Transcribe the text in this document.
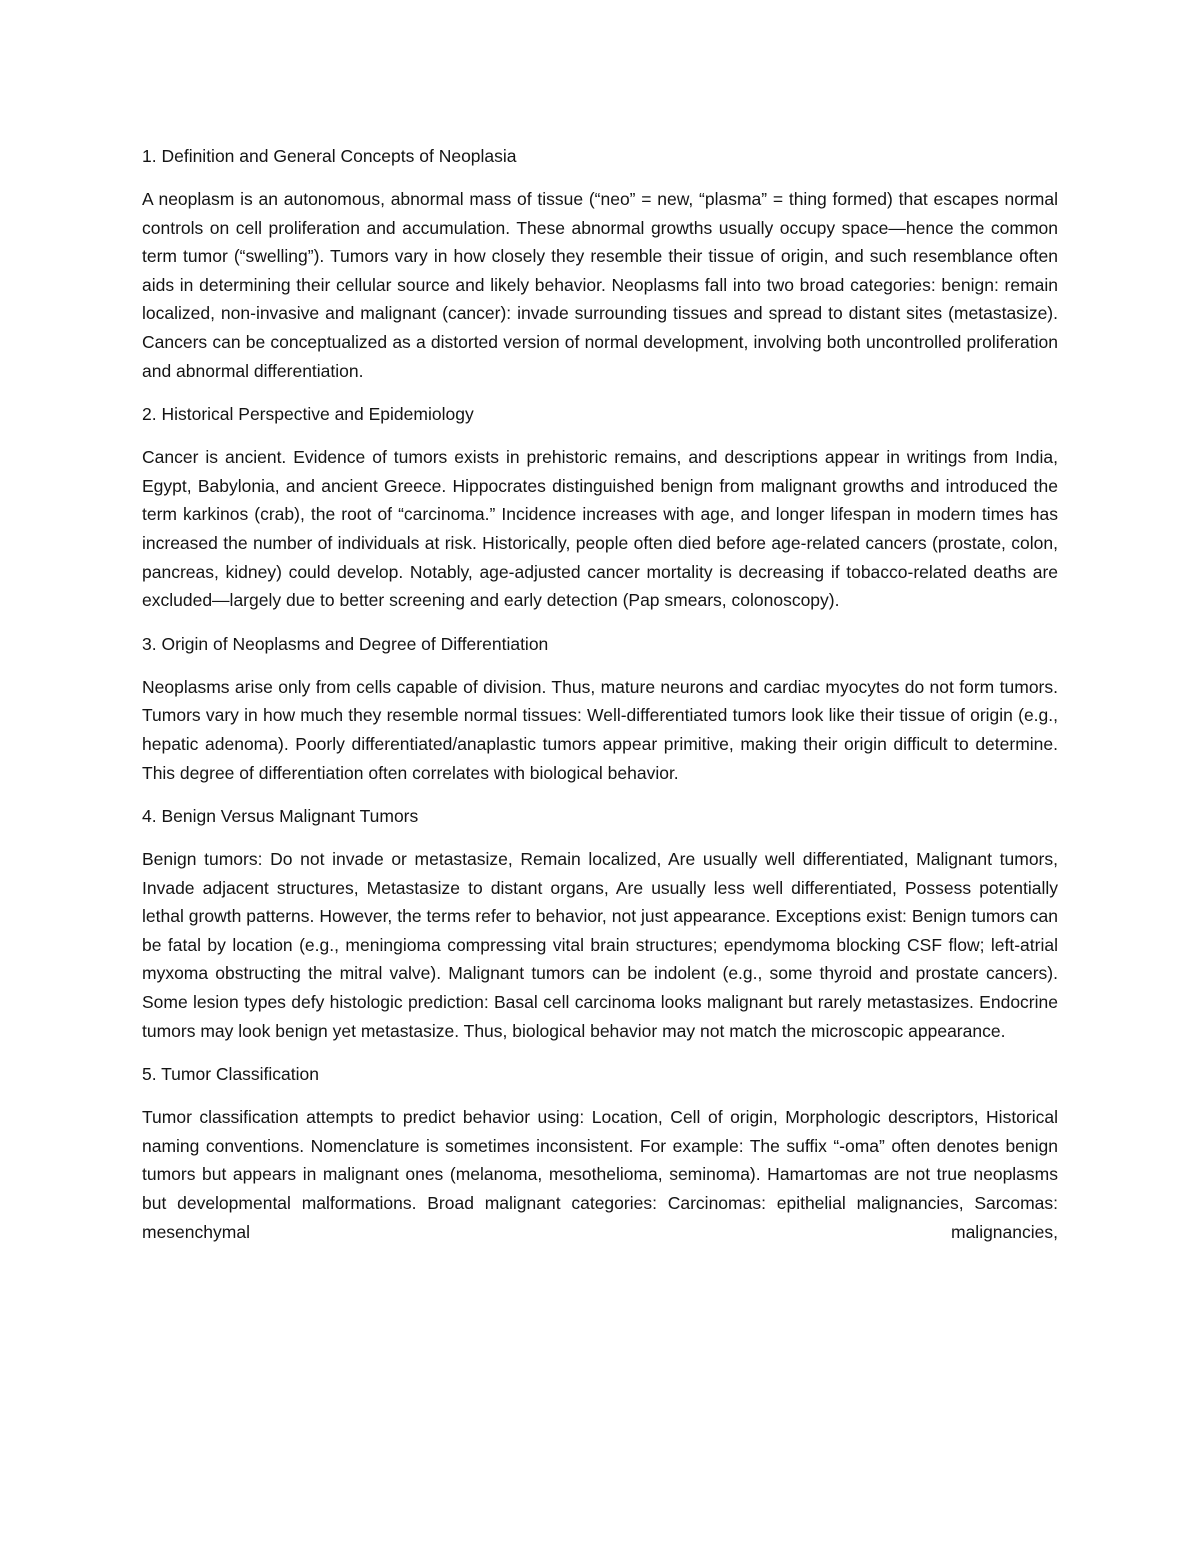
1. Definition and General Concepts of Neoplasia

A neoplasm is an autonomous, abnormal mass of tissue (“neo” = new, “plasma” = thing formed) that escapes normal controls on cell proliferation and accumulation. These abnormal growths usually occupy space—hence the common term tumor (“swelling”). Tumors vary in how closely they resemble their tissue of origin, and such resemblance often aids in determining their cellular source and likely behavior. Neoplasms fall into two broad categories: benign: remain localized, non-invasive and malignant (cancer): invade surrounding tissues and spread to distant sites (metastasize). Cancers can be conceptualized as a distorted version of normal development, involving both uncontrolled proliferation and abnormal differentiation.

2. Historical Perspective and Epidemiology

Cancer is ancient. Evidence of tumors exists in prehistoric remains, and descriptions appear in writings from India, Egypt, Babylonia, and ancient Greece. Hippocrates distinguished benign from malignant growths and introduced the term karkinos (crab), the root of “carcinoma.” Incidence increases with age, and longer lifespan in modern times has increased the number of individuals at risk. Historically, people often died before age-related cancers (prostate, colon, pancreas, kidney) could develop. Notably, age-adjusted cancer mortality is decreasing if tobacco-related deaths are excluded—largely due to better screening and early detection (Pap smears, colonoscopy).

3. Origin of Neoplasms and Degree of Differentiation

Neoplasms arise only from cells capable of division. Thus, mature neurons and cardiac myocytes do not form tumors. Tumors vary in how much they resemble normal tissues: Well-differentiated tumors look like their tissue of origin (e.g., hepatic adenoma). Poorly differentiated/anaplastic tumors appear primitive, making their origin difficult to determine. This degree of differentiation often correlates with biological behavior.

4. Benign Versus Malignant Tumors

Benign tumors: Do not invade or metastasize, Remain localized, Are usually well differentiated, Malignant tumors, Invade adjacent structures, Metastasize to distant organs, Are usually less well differentiated, Possess potentially lethal growth patterns. However, the terms refer to behavior, not just appearance. Exceptions exist: Benign tumors can be fatal by location (e.g., meningioma compressing vital brain structures; ependymoma blocking CSF flow; left-atrial myxoma obstructing the mitral valve). Malignant tumors can be indolent (e.g., some thyroid and prostate cancers). Some lesion types defy histologic prediction: Basal cell carcinoma looks malignant but rarely metastasizes. Endocrine tumors may look benign yet metastasize. Thus, biological behavior may not match the microscopic appearance.

5. Tumor Classification

Tumor classification attempts to predict behavior using: Location, Cell of origin, Morphologic descriptors, Historical naming conventions. Nomenclature is sometimes inconsistent. For example: The suffix “-oma” often denotes benign tumors but appears in malignant ones (melanoma, mesothelioma, seminoma). Hamartomas are not true neoplasms but developmental malformations. Broad malignant categories: Carcinomas: epithelial malignancies, Sarcomas: mesenchymal malignancies,
